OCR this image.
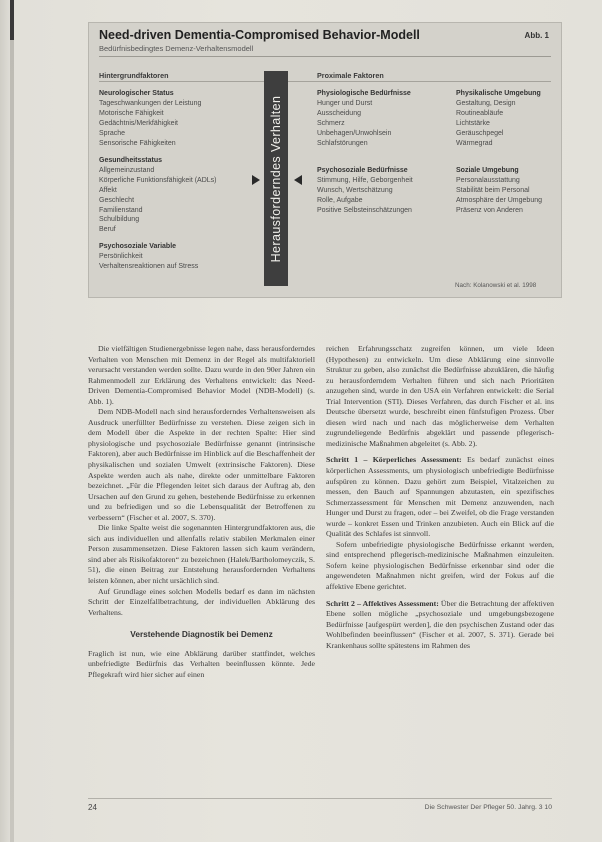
Need-driven Dementia-Compromised Behavior-Modell
Bedürfnisbedingtes Demenz-Verhaltensmodell
Abb. 1
Hintergrundfaktoren	Proximale Faktoren
Neurologischer Status
Tageschwankungen der Leistung
Motorische Fähigkeit
Gedächtnis/Merkfähigkeit
Sprache
Sensorische Fähigkeiten
Gesundheitsstatus
Allgemeinzustand
Körperliche Funktionsfähigkeit (ADLs)
Affekt
Geschlecht
Familienstand
Schulbildung
Beruf
Psychosoziale Variable
Persönlichkeit
Verhaltensreaktionen auf Stress
Physiologische Bedürfnisse
Hunger und Durst
Ausscheidung
Schmerz
Unbehagen/Unwohlsein
Schlafstörungen
Physikalische Umgebung
Gestaltung, Design
Routineabläufe
Lichtstärke
Geräuschpegel
Wärmegrad
Psychosoziale Bedürfnisse
Stimmung, Hilfe, Geborgenheit
Wunsch, Wertschätzung
Rolle, Aufgabe
Positive Selbsteinschätzungen
Soziale Umgebung
Personalausstattung
Stabilität beim Personal
Atmosphäre der Umgebung
Präsenz von Anderen
Herausforderndes Verhalten
Nach: Kolanowski et al. 1998

Die vielfältigen Studienergebnisse legen nahe, dass herausforderndes Verhalten von Menschen mit Demenz in der Regel als multifaktoriell verursacht verstanden werden sollte. Dazu wurde in den 90er Jahren ein Rahmenmodell zur Erklärung des Verhaltens entwickelt: das Need-Driven Dementia-Compromised Behavior Model (NDB-Modell) (s. Abb. 1).

Dem NDB-Modell nach sind herausforderndes Verhaltensweisen als Ausdruck unerfüllter Bedürfnisse zu verstehen. Diese zeigen sich in dem Modell über die Aspekte in der rechten Spalte: Hier sind physiologische und psychosoziale Bedürfnisse genannt (intrinsische Faktoren), aber auch Bedürfnisse im Hinblick auf die Beschaffenheit der physikalischen und sozialen Umwelt (extrinsische Faktoren). Diese Aspekte werden auch als nahe, direkte oder unmittelbare Faktoren bezeichnet. „Für die Pflegenden leitet sich daraus der Auftrag ab, den Ursachen auf den Grund zu gehen, bestehende Bedürfnisse zu erkennen und zu befriedigen und so die Lebensqualität der Betroffenen zu verbessern“ (Fischer et al. 2007, S. 370).

Die linke Spalte weist die sogenannten Hintergrundfaktoren aus, die sich aus individuellen und allenfalls relativ stabilen Merkmalen einer Person zusammensetzen. Diese Faktoren lassen sich kaum verändern, sind aber als Risikofaktoren“ zu bezeichnen (Halek/Bartholomeyczik, S. 51), die einen Beitrag zur Entstehung herausfordernden Verhaltens leisten können, aber nicht ursächlich sind.

Auf Grundlage eines solchen Modells bedarf es dann im nächsten Schritt der Einzelfallbetrachtung, der individuellen Abklärung des Verhaltens.

Verstehende Diagnostik bei Demenz

Fraglich ist nun, wie eine Abklärung darüber stattfindet, welches unbefriedigte Bedürfnis das Verhalten beeinflussen könnte. Jede Pflegekraft wird hier sicher auf einen

reichen Erfahrungsschatz zugreifen können, um viele Ideen (Hypothesen) zu entwickeln. Um diese Abklärung eine sinnvolle Struktur zu geben, also zunächst die Bedürfnisse abzuklären, die häufig zu herausforderndem Verhalten führen und sich nach Prioritäten anzugehen sind, wurde in den USA ein Verfahren entwickelt: die Serial Trial Intervention (STI). Dieses Verfahren, das durch Fischer et al. ins Deutsche übersetzt wurde, beschreibt einen fünfstufigen Prozess. Über diesen wird nach und nach das möglicherweise dem Verhalten zugrundeliegende Bedürfnis abgeklärt und passende pflegerisch-medizinische Maßnahmen abgeleitet (s. Abb. 2).

Schritt 1 – Körperliches Assessment: Es bedarf zunächst eines körperlichen Assessments, um physiologisch unbefriedigte Bedürfnisse aufspüren zu können. Dazu gehört zum Beispiel, Vitalzeichen zu messen, den Bauch auf Spannungen abzutasten, ein spezifisches Schmerzassessment für Menschen mit Demenz anzuwenden, nach Hunger und Durst zu fragen, oder – bei Zweifel, ob die Frage verstanden wurde – konkret Essen und Trinken anzubieten. Auch ein Blick auf die Qualität des Schlafes ist sinnvoll.

Sofern unbefriedigte physiologische Bedürfnisse erkannt werden, sind entsprechend pflegerisch-medizinische Maßnahmen einzuleiten. Sofern keine physiologischen Bedürfnisse erkennbar sind oder die angewendeten Maßnahmen nicht greifen, wird der Fokus auf die affektive Ebene gerichtet.

Schritt 2 – Affektives Assessment: Über die Betrachtung der affektiven Ebene sollen mögliche „psychosoziale und umgebungsbezogene Bedürfnisse [aufgespürt werden], die den psychischen Zustand oder das Wohlbefinden beeinflussen“ (Fischer et al. 2007, S. 371). Gerade bei Krankenhaus sollte spätestens im Rahmen des

24	Die Schwester Der Pfleger 50. Jahrg. 3 10
